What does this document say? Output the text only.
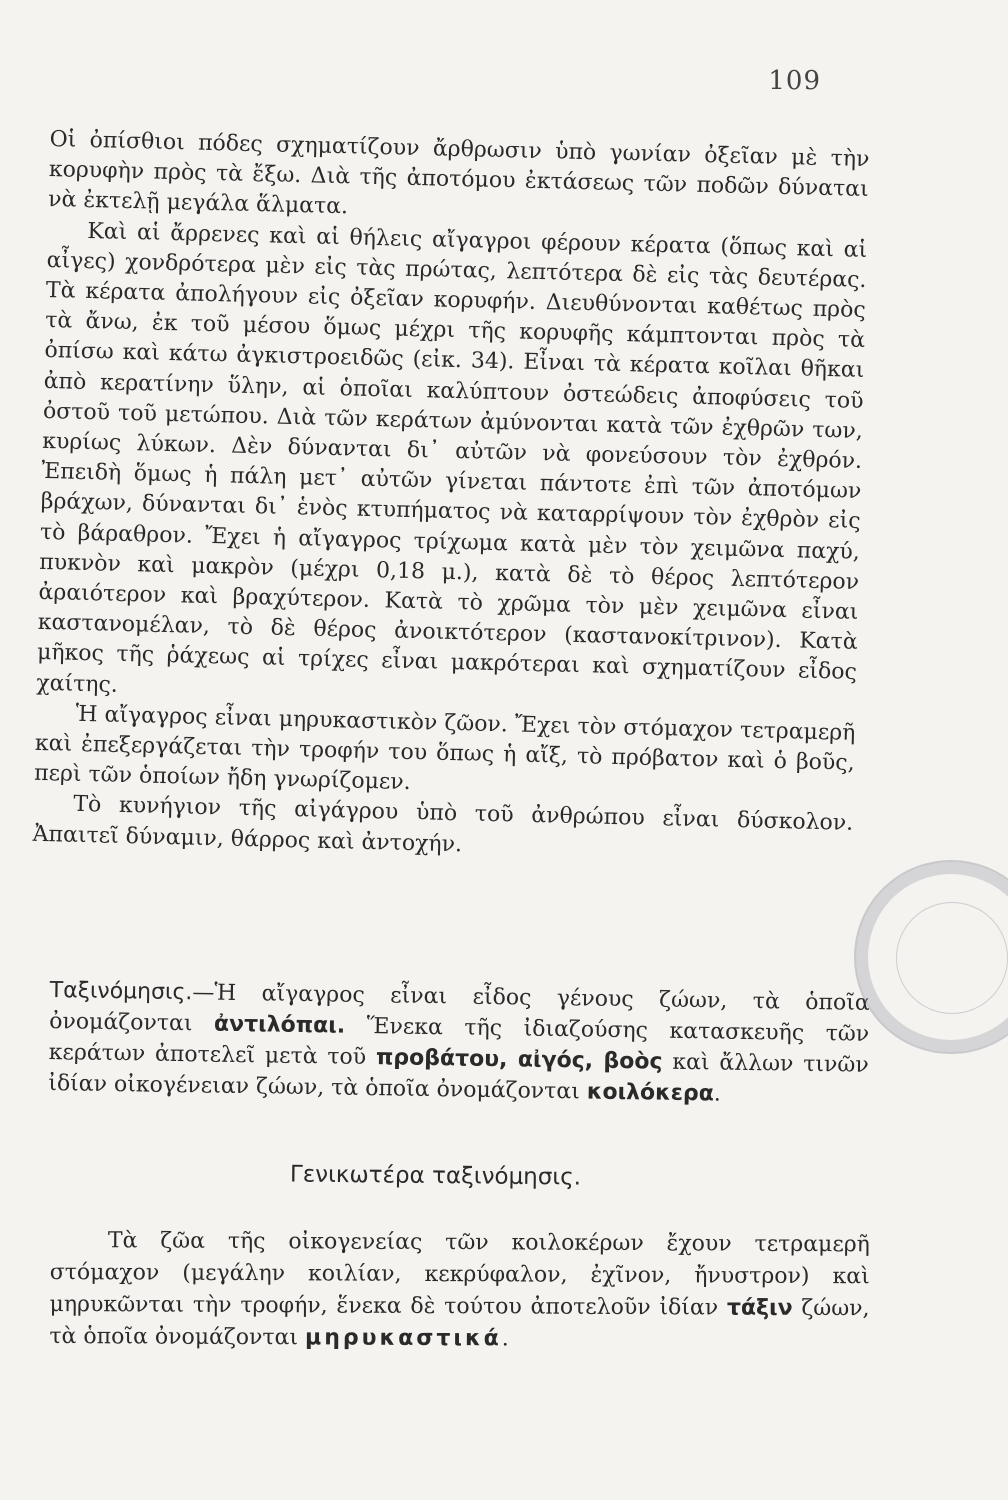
109

Οἱ ὀπίσθιοι πόδες σχηματίζουν ἄρθρωσιν ὑπὸ γωνίαν ὀξεῖαν μὲ τὴν κορυφὴν πρὸς τὰ ἔξω. Διὰ τῆς ἀποτόμου ἐκτάσεως τῶν ποδῶν δύναται νὰ ἐκτελῇ μεγάλα ἅλματα.

Καὶ αἱ ἄρρενες καὶ αἱ θήλεις αἴγαγροι φέρουν κέρατα (ὅπως καὶ αἱ αἶγες) χονδρότερα μὲν εἰς τὰς πρώτας, λεπτότερα δὲ εἰς τὰς δευτέρας. Τὰ κέρατα ἀπολήγουν εἰς ὀξεῖαν κορυφήν. Διευθύνονται καθέτως πρὸς τὰ ἄνω, ἐκ τοῦ μέσου ὅμως μέχρι τῆς κορυφῆς κάμπτονται πρὸς τὰ ὀπίσω καὶ κάτω ἀγκιστροειδῶς (εἰκ. 34). Εἶναι τὰ κέρατα κοῖλαι θῆκαι ἀπὸ κερατίνην ὕλην, αἱ ὁποῖαι καλύπτουν ὀστεώδεις ἀποφύσεις τοῦ ὀστοῦ τοῦ μετώπου. Διὰ τῶν κεράτων ἀμύνονται κατὰ τῶν ἐχθρῶν των, κυρίως λύκων. Δὲν δύνανται δι᾿ αὐτῶν νὰ φονεύσουν τὸν ἐχθρόν. Ἐπειδὴ ὅμως ἡ πάλη μετ᾿ αὐτῶν γίνεται πάντοτε ἐπὶ τῶν ἀποτόμων βράχων, δύνανται δι᾿ ἑνὸς κτυπήματος νὰ καταρρίψουν τὸν ἐχθρὸν εἰς τὸ βάραθρον. Ἔχει ἡ αἴγαγρος τρίχωμα κατὰ μὲν τὸν χειμῶνα παχύ, πυκνὸν καὶ μακρὸν (μέχρι 0,18 μ.), κατὰ δὲ τὸ θέρος λεπτότερον ἀραιότερον καὶ βραχύτερον. Κατὰ τὸ χρῶμα τὸν μὲν χειμῶνα εἶναι καστανομέλαν, τὸ δὲ θέρος ἀνοικτότερον (καστανοκίτρινον). Κατὰ μῆκος τῆς ῥάχεως αἱ τρίχες εἶναι μακρότεραι καὶ σχηματίζουν εἶδος χαίτης.

Ἡ αἴγαγρος εἶναι μηρυκαστικὸν ζῶον. Ἔχει τὸν στόμαχον τετραμερῆ καὶ ἐπεξεργάζεται τὴν τροφήν του ὅπως ἡ αἴξ, τὸ πρόβατον καὶ ὁ βοῦς, περὶ τῶν ὁποίων ἤδη γνωρίζομεν.

Τὸ κυνήγιον τῆς αἰγάγρου ὑπὸ τοῦ ἀνθρώπου εἶναι δύσκολον. Ἀπαιτεῖ δύναμιν, θάρρος καὶ ἀντοχήν.

Ταξινόμησις.—Ἡ αἴγαγρος εἶναι εἶδος γένους ζώων, τὰ ὁποῖα ὀνομάζονται ἀντιλόπαι. Ἕνεκα τῆς ἰδιαζούσης κατασκευῆς τῶν κεράτων ἀποτελεῖ μετὰ τοῦ προβάτου, αἰγός, βοὸς καὶ ἄλλων τινῶν ἰδίαν οἰκογένειαν ζώων, τὰ ὁποῖα ὀνομάζονται κοιλόκερα.

Γενικωτέρα ταξινόμησις.

Τὰ ζῶα τῆς οἰκογενείας τῶν κοιλοκέρων ἔχουν τετραμερῆ στόμαχον (μεγάλην κοιλίαν, κεκρύφαλον, ἐχῖνον, ἤνυστρον) καὶ μηρυκῶνται τὴν τροφήν, ἕνεκα δὲ τούτου ἀποτελοῦν ἰδίαν τάξιν ζώων, τὰ ὁποῖα ὀνομάζονται μηρυκαστικά.
